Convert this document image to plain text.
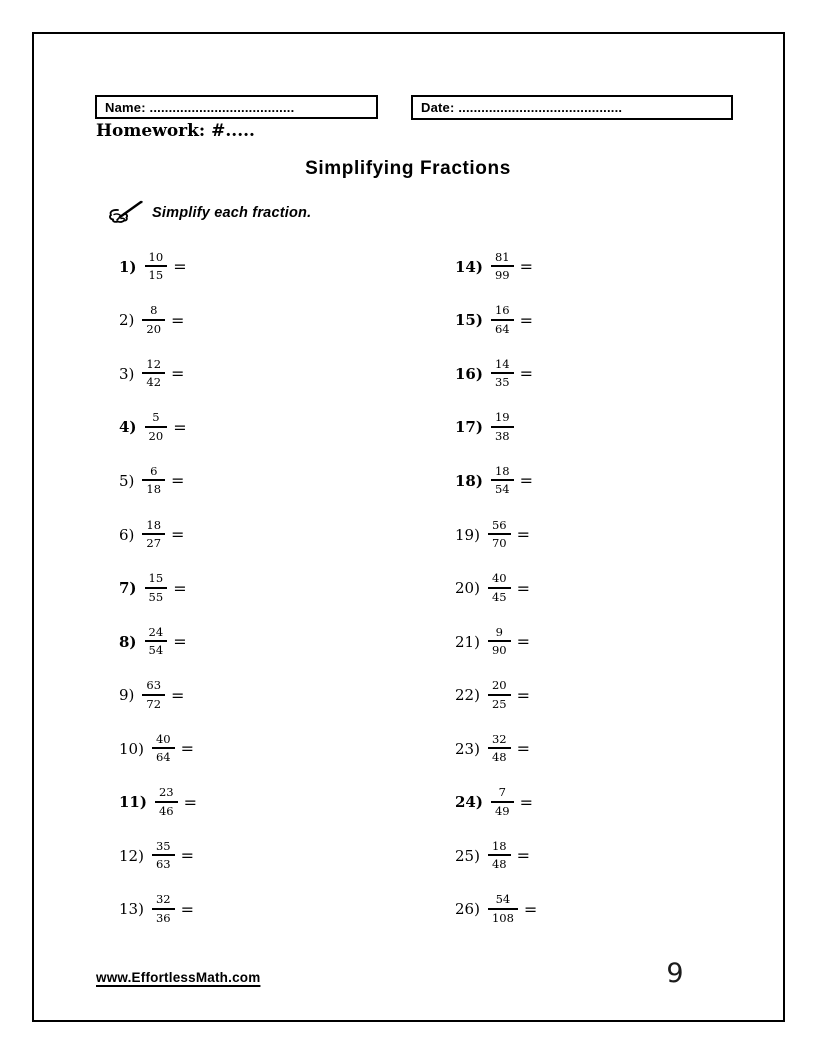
Name: ......................................	Date: ...........................................
Homework: #.....
Simplifying Fractions
Simplify each fraction.
$1) \frac{10}{15}$ =
$2) \frac{8}{20}$ =
$3) \frac{12}{42}$ =
$4) \frac{5}{20}$ =
$5) \frac{6}{18}$ =
$6) \frac{18}{27}$ =
$7) \frac{15}{55}$ =
$8) \frac{24}{54}$ =
$9) \frac{63}{72}$ =
$10) \frac{40}{64}$ =
$11) \frac{23}{46}$ =
$12) \frac{35}{63}$ =
$13) \frac{32}{36}$ =
$14) \frac{81}{99}$ =
$15) \frac{16}{64}$ =
$16) \frac{14}{35}$ =
$17) \frac{19}{38}$
$18) \frac{18}{54}$ =
$19) \frac{56}{70}$ =
$20) \frac{40}{45}$ =
$21) \frac{9}{90}$ =
$22) \frac{20}{25}$ =
$23) \frac{32}{48}$ =
$24) \frac{7}{49}$ =
$25) \frac{18}{48}$ =
$26) \frac{54}{108}$ =
www.EffortlessMath.com	9
